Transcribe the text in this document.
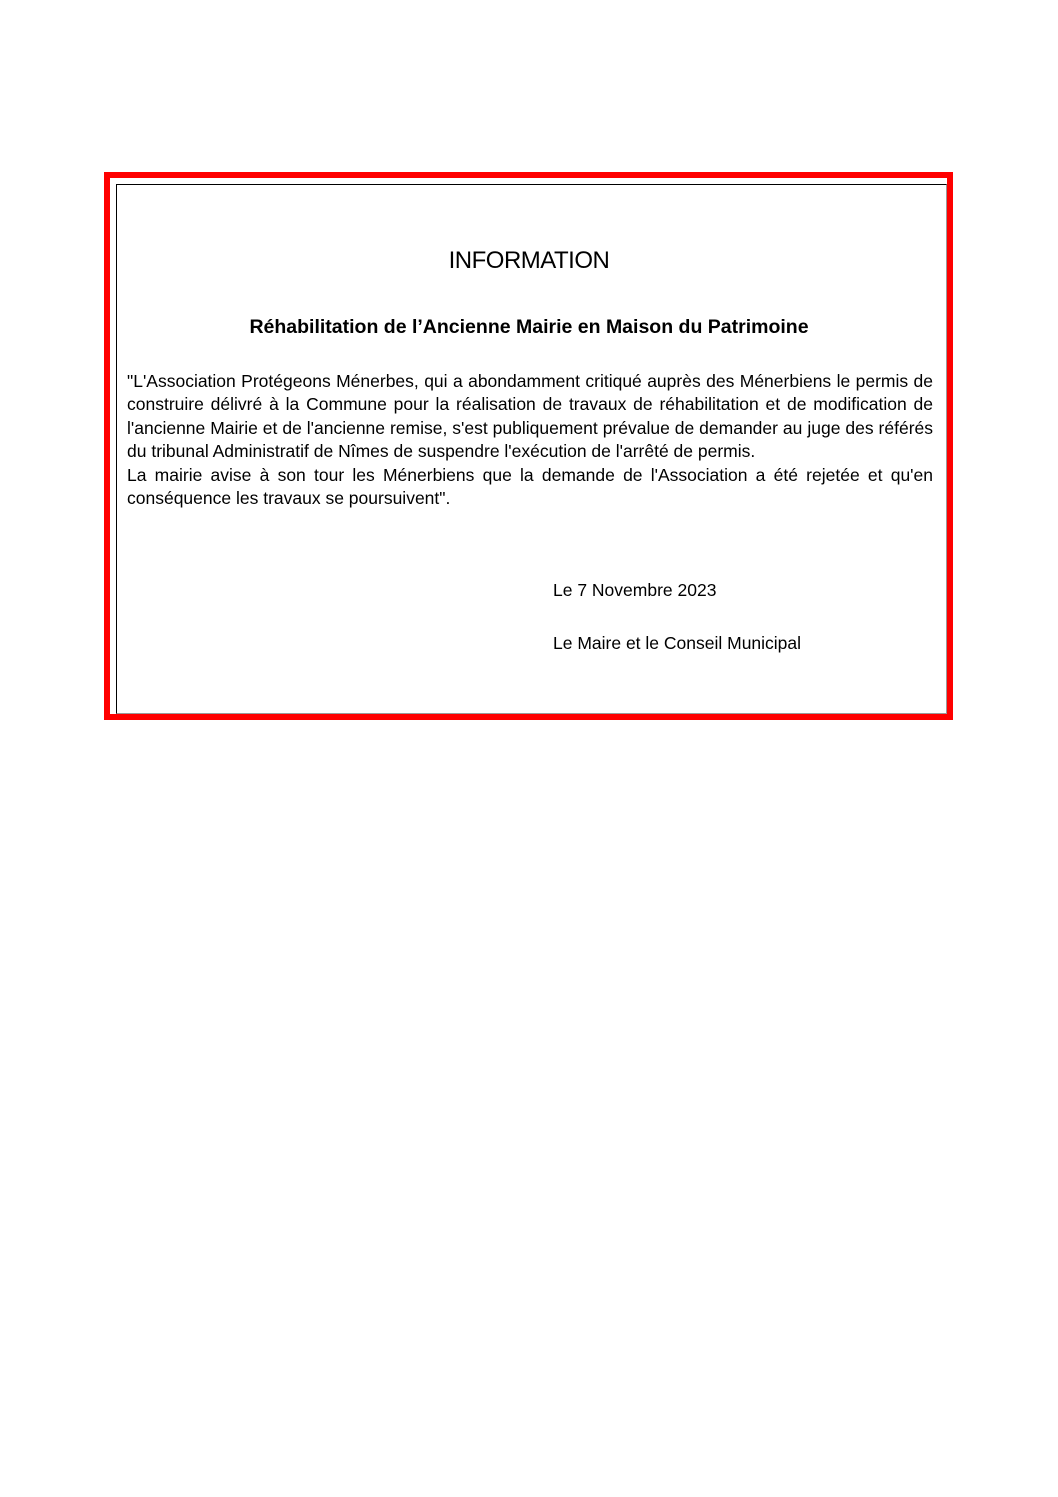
INFORMATION
Réhabilitation de l’Ancienne Mairie en Maison du Patrimoine

"L'Association Protégeons Ménerbes, qui a abondamment critiqué auprès des Ménerbiens le permis de construire délivré à la Commune pour la réalisation de travaux de réhabilitation et de modification de l'ancienne Mairie et de l'ancienne remise, s'est publiquement prévalue de demander au juge des référés du tribunal Administratif de Nîmes de suspendre l'exécution de l'arrêté de permis.

La mairie avise à son tour les Ménerbiens que la demande de l'Association a été rejetée et qu'en conséquence les travaux se poursuivent".

Le 7 Novembre 2023
Le Maire et le Conseil Municipal
